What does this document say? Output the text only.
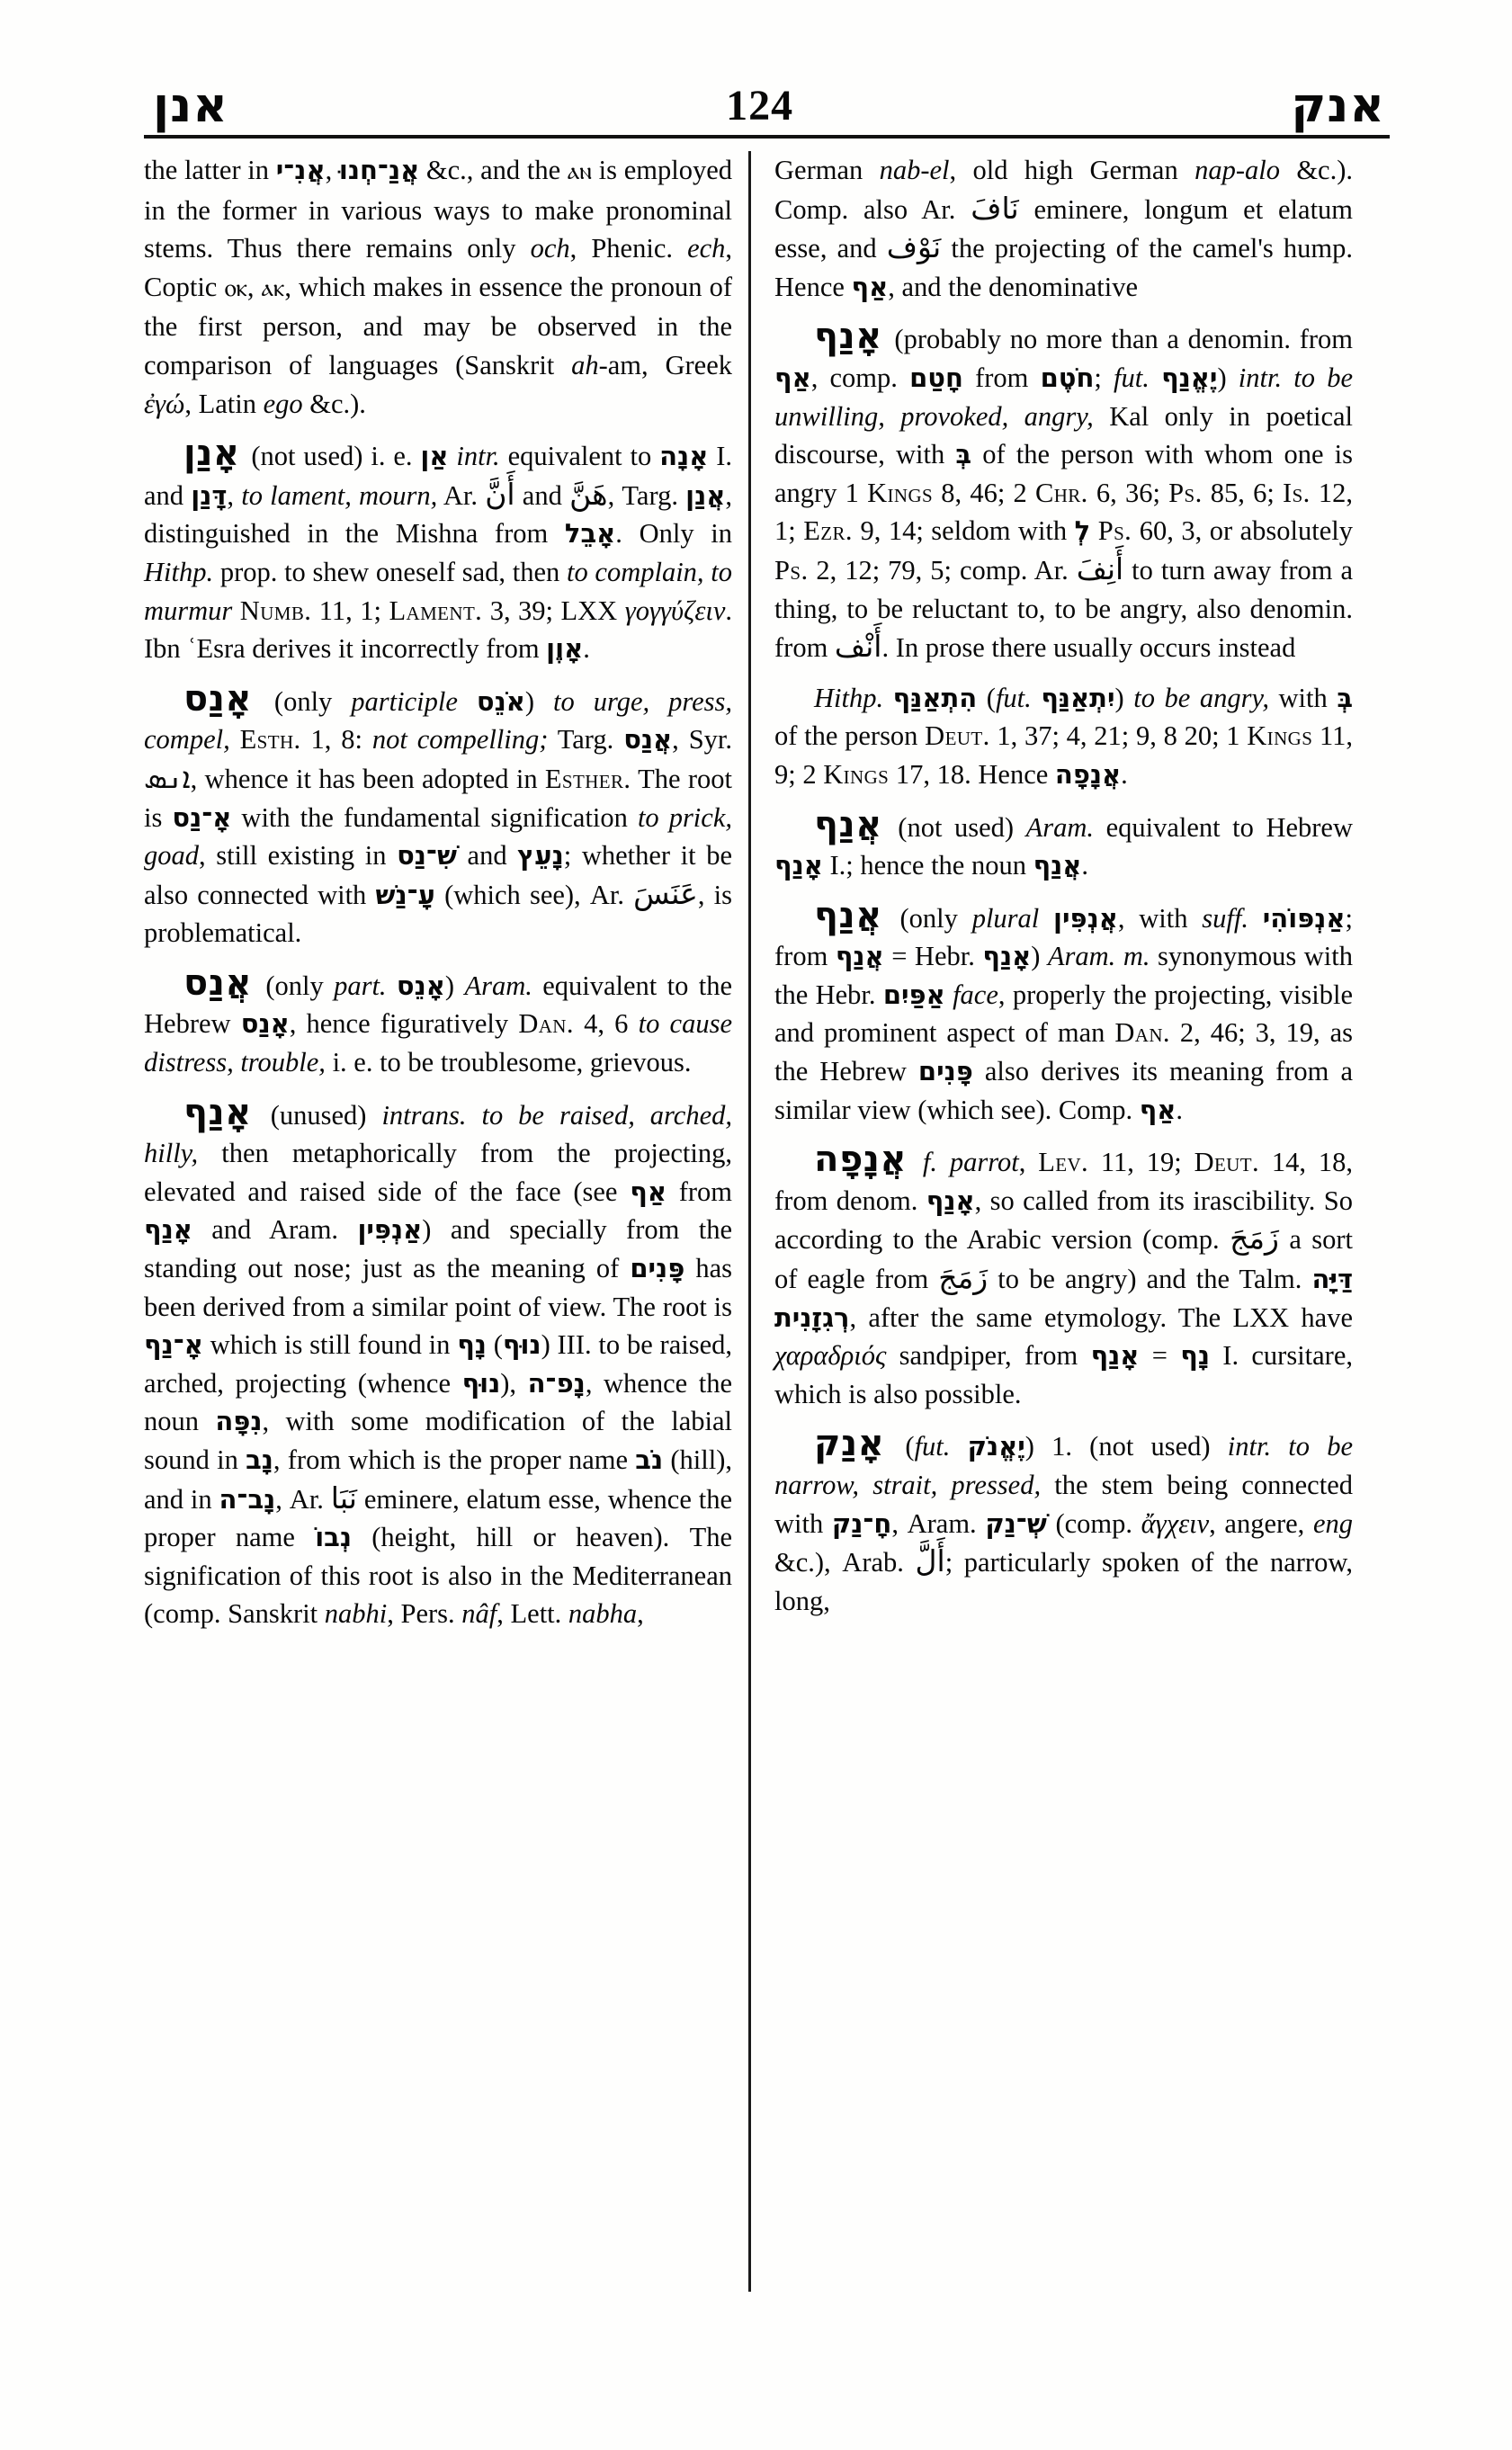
אנן	124	אנק

the latter in אֲנִ־י, אֲנַ־חְנוּ &c., and the ⲁⲛ is employed in the former in various ways to make pronominal stems. Thus there remains only och, Phenic. ech, Coptic ⲟⲕ, ⲁⲕ, which makes in essence the pronoun of the first person, and may be observed in the comparison of languages (Sanskrit ah-am, Greek ἐγώ, Latin ego &c.).

אָנַן (not used) i. e. אַן intr. equivalent to אָנָה I. and דָּנַן, to lament, mourn, Ar. أَنَّ and هَنَّ, Targ. אֲנַן, distinguished in the Mishna from אָבֵל. Only in Hithp. prop. to shew oneself sad, then to complain, to murmur Numb. 11, 1; Lament. 3, 39; LXX γογγύζειν. Ibn ʿEsra derives it incorrectly from אָוֶן.

אָנַס (only participle אֹנֵס) to urge, press, compel, Esth. 1, 8: not compelling; Targ. אֲנַס, Syr. ܐܢܣ, whence it has been adopted in Esther. The root is אָ־נַס with the fundamental signification to prick, goad, still existing in שִׁ־נַס and נָעֵץ; whether it be also connected with עָ־נַשׁ (which see), Ar. عَنَسَ, is problematical.

אֲנַס (only part. אָנֵס) Aram. equivalent to the Hebrew אָנַס, hence figuratively Dan. 4, 6 to cause distress, trouble, i. e. to be troublesome, grievous.

אָנַף (unused) intrans. to be raised, arched, hilly, then metaphorically from the projecting, elevated and raised side of the face (see אַף from אָנַף and Aram. אַנְפִּין) and specially from the standing out nose; just as the meaning of פָּנִים has been derived from a similar point of view. The root is אָ־נַף which is still found in נָף (נוּף) III. to be raised, arched, projecting (whence נוּף), נָפ־ה, whence the noun נִפָּה, with some modification of the labial sound in נָב, from which is the proper name נֹב (hill), and in נָב־ה, Ar. نَبَا eminere, elatum esse, whence the proper name נְבוֹ (height, hill or heaven). The signification of this root is also in the Mediterranean (comp. Sanskrit nabhi, Pers. nâf, Lett. nabha,

German nab-el, old high German nap-alo &c.). Comp. also Ar. نَافَ eminere, longum et elatum esse, and نَوْف the projecting of the camel's hump. Hence אַף, and the denominative

אָנַף (probably no more than a denomin. from אַף, comp. חָטַם from חֹטֶם; fut. יֶאֱנַף) intr. to be unwilling, provoked, angry, Kal only in poetical discourse, with בְּ of the person with whom one is angry 1 Kings 8, 46; 2 Chr. 6, 36; Ps. 85, 6; Is. 12, 1; Ezr. 9, 14; seldom with לְ Ps. 60, 3, or absolutely Ps. 2, 12; 79, 5; comp. Ar. أَنِفَ to turn away from a thing, to be reluctant to, to be angry, also denomin. from أَنْف. In prose there usually occurs instead

Hithp. הִתְאַנַּף (fut. יִתְאַנַּף) to be angry, with בְּ of the person Deut. 1, 37; 4, 21; 9, 8 20; 1 Kings 11, 9; 2 Kings 17, 18. Hence אֲנָפָה.

אֲנַף (not used) Aram. equivalent to Hebrew אָנַף I.; hence the noun אֲנַף.

אֲנַף (only plural אֲנְפִּין, with suff. אַנְפּוֹהִי; from אֲנַף = Hebr. אָנַף) Aram. m. synonymous with the Hebr. אַפַּיִם face, properly the projecting, visible and prominent aspect of man Dan. 2, 46; 3, 19, as the Hebrew פָּנִים also derives its meaning from a similar view (which see). Comp. אַף.

אֲנָפָה f. parrot, Lev. 11, 19; Deut. 14, 18, from denom. אָנַף, so called from its irascibility. So according to the Arabic version (comp. زَمَجَ a sort of eagle from زَمَجَ to be angry) and the Talm. דַּיָּה רְגִזָנִית, after the same etymology. The LXX have χαραδριός sandpiper, from אָנַף = נָף I. cursitare, which is also possible.

אָנַק (fut. יֶאֱנֹק) 1. (not used) intr. to be narrow, strait, pressed, the stem being connected with חָ־נַק, Aram. שְׁ־נַק (comp. ἄγχειν, angere, eng &c.), Arab. أَلَّ; particularly spoken of the narrow, long,
